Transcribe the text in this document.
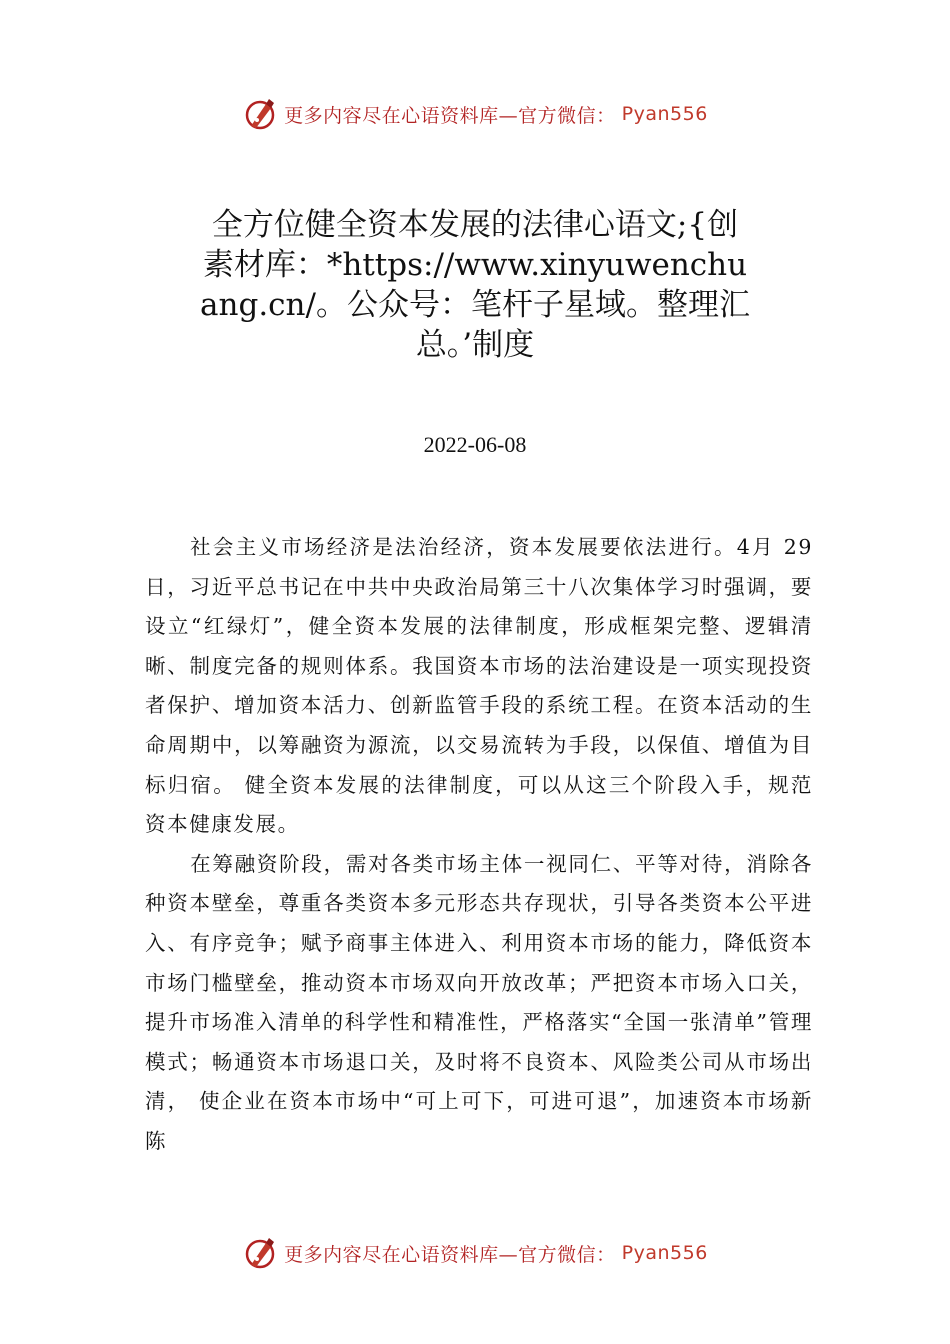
更多内容尽在心语资料库—官方微信： Pyan556
全方位健全资本发展的法律心语文;{创素材库：*https://www.xinyuwenchuang.cn/。公众号：笔杆子星域。整理汇总。’制度
2022-06-08

社会主义市场经济是法治经济，资本发展要依法进行。4月 29 日，习近平总书记在中共中央政治局第三十八次集体学习时强调，要设立“红绿灯”，健全资本发展的法律制度，形成框架完整、逻辑清晰、制度完备的规则体系。我国资本市场的法治建设是一项实现投资者保护、增加资本活力、创新监管手段的系统工程。在资本活动的生命周期中，以筹融资为源流，以交易流转为手段，以保值、增值为目标归宿。 健全资本发展的法律制度，可以从这三个阶段入手，规范资本健康发展。

在筹融资阶段，需对各类市场主体一视同仁、平等对待，消除各种资本壁垒，尊重各类资本多元形态共存现状，引导各类资本公平进入、有序竞争；赋予商事主体进入、利用资本市场的能力，降低资本市场门槛壁垒，推动资本市场双向开放改革；严把资本市场入口关，提升市场准入清单的科学性和精准性，严格落实“全国一张清单”管理模式；畅通资本市场退口关，及时将不良资本、风险类公司从市场出清， 使企业在资本市场中“可上可下，可进可退”，加速资本市场新陈

更多内容尽在心语资料库—官方微信： Pyan556
